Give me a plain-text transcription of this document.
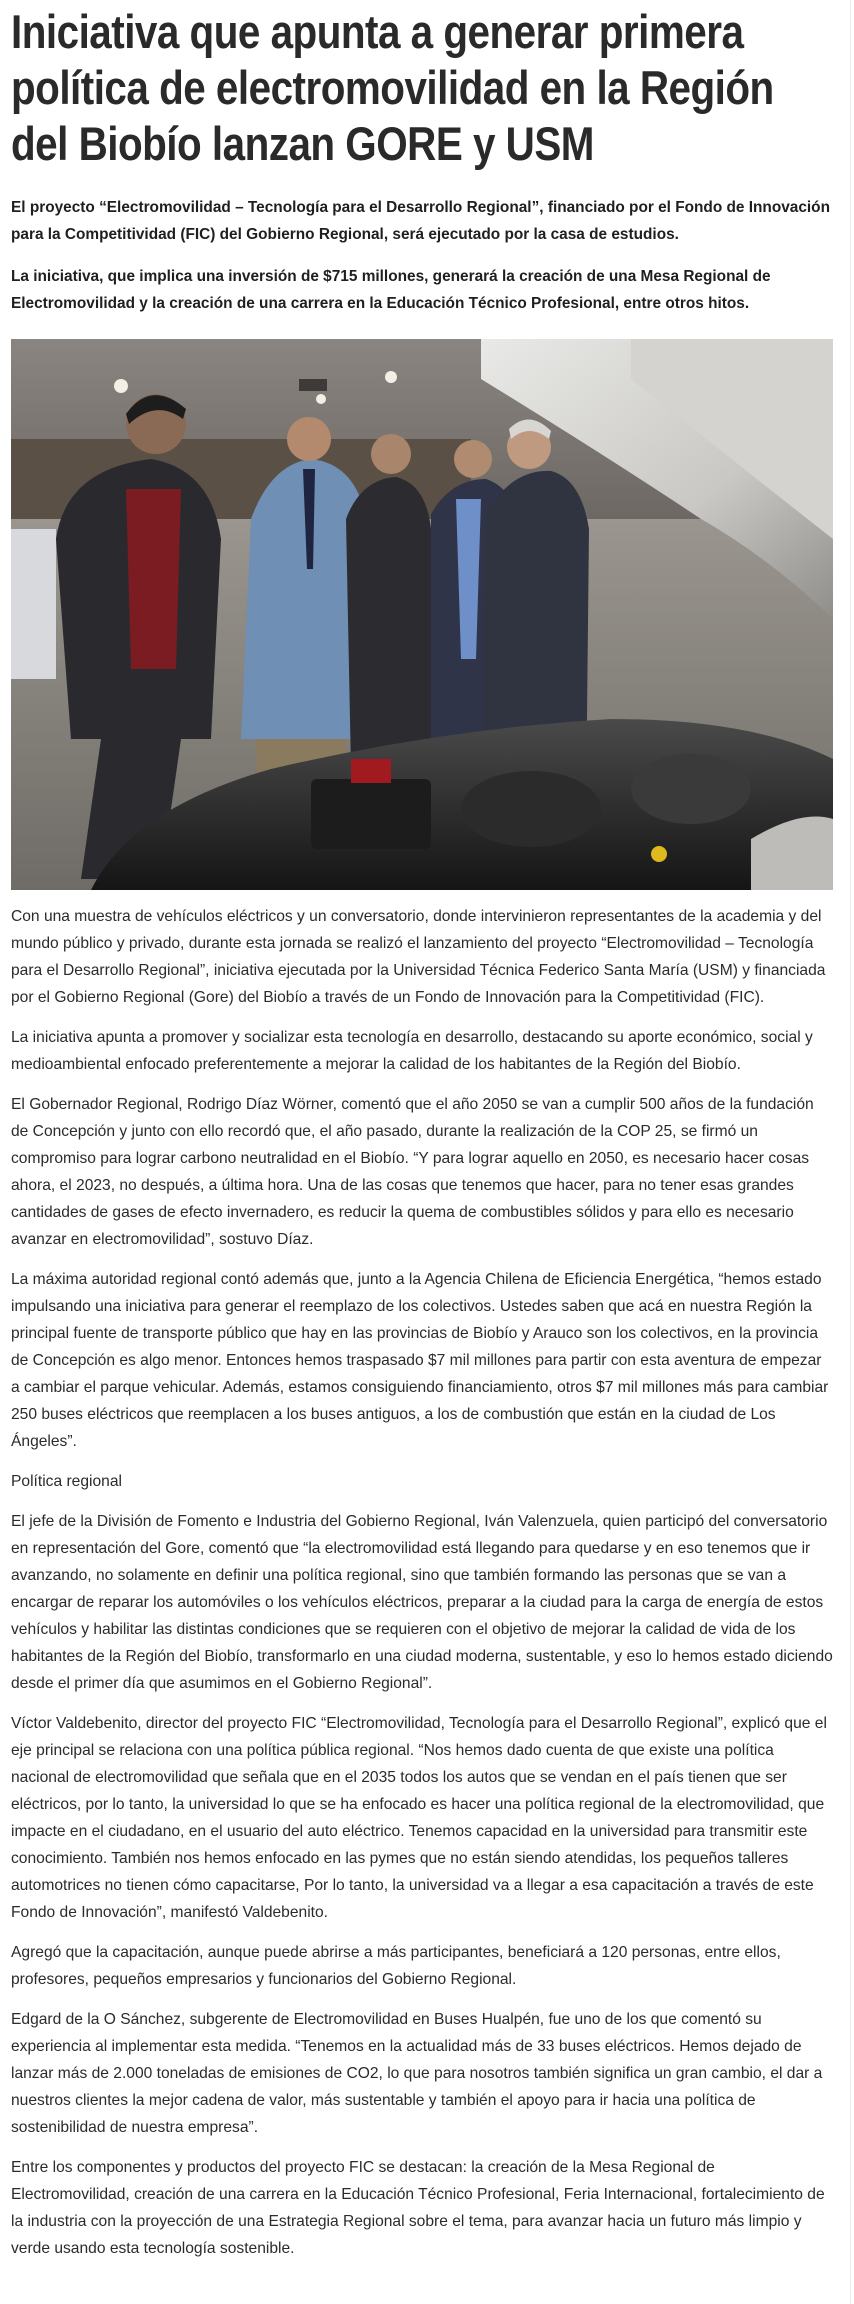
Iniciativa que apunta a generar primera política de electromovilidad en la Región del Biobío lanzan GORE y USM

El proyecto “Electromovilidad – Tecnología para el Desarrollo Regional”, financiado por el Fondo de Innovación para la Competitividad (FIC) del Gobierno Regional, será ejecutado por la casa de estudios.

La iniciativa, que implica una inversión de $715 millones, generará la creación de una Mesa Regional de Electromovilidad y la creación de una carrera en la Educación Técnico Profesional, entre otros hitos.

Con una muestra de vehículos eléctricos y un conversatorio, donde intervinieron representantes de la academia y del mundo público y privado, durante esta jornada se realizó el lanzamiento del proyecto “Electromovilidad – Tecnología para el Desarrollo Regional”, iniciativa ejecutada por la Universidad Técnica Federico Santa María (USM) y financiada por el Gobierno Regional (Gore) del Biobío a través de un Fondo de Innovación para la Competitividad (FIC).

La iniciativa apunta a promover y socializar esta tecnología en desarrollo, destacando su aporte económico, social y medioambiental enfocado preferentemente a mejorar la calidad de los habitantes de la Región del Biobío.

El Gobernador Regional, Rodrigo Díaz Wörner, comentó que el año 2050 se van a cumplir 500 años de la fundación de Concepción y junto con ello recordó que, el año pasado, durante la realización de la COP 25, se firmó un compromiso para lograr carbono neutralidad en el Biobío. “Y para lograr aquello en 2050, es necesario hacer cosas ahora, el 2023, no después, a última hora. Una de las cosas que tenemos que hacer, para no tener esas grandes cantidades de gases de efecto invernadero, es reducir la quema de combustibles sólidos y para ello es necesario avanzar en electromovilidad”, sostuvo Díaz.

La máxima autoridad regional contó además que, junto a la Agencia Chilena de Eficiencia Energética, “hemos estado impulsando una iniciativa para generar el reemplazo de los colectivos. Ustedes saben que acá en nuestra Región la principal fuente de transporte público que hay en las provincias de Biobío y Arauco son los colectivos, en la provincia de Concepción es algo menor. Entonces hemos traspasado $7 mil millones para partir con esta aventura de empezar a cambiar el parque vehicular. Además, estamos consiguiendo financiamiento, otros $7 mil millones más para cambiar 250 buses eléctricos que reemplacen a los buses antiguos, a los de combustión que están en la ciudad de Los Ángeles”.

Política regional

El jefe de la División de Fomento e Industria del Gobierno Regional, Iván Valenzuela, quien participó del conversatorio en representación del Gore, comentó que “la electromovilidad está llegando para quedarse y en eso tenemos que ir avanzando, no solamente en definir una política regional, sino que también formando las personas que se van a encargar de reparar los automóviles o los vehículos eléctricos, preparar a la ciudad para la carga de energía de estos vehículos y habilitar las distintas condiciones que se requieren con el objetivo de mejorar la calidad de vida de los habitantes de la Región del Biobío, transformarlo en una ciudad moderna, sustentable, y eso lo hemos estado diciendo desde el primer día que asumimos en el Gobierno Regional”.

Víctor Valdebenito, director del proyecto FIC “Electromovilidad, Tecnología para el Desarrollo Regional”, explicó que el eje principal se relaciona con una política pública regional. “Nos hemos dado cuenta de que existe una política nacional de electromovilidad que señala que en el 2035 todos los autos que se vendan en el país tienen que ser eléctricos, por lo tanto, la universidad lo que se ha enfocado es hacer una política regional de la electromovilidad, que impacte en el ciudadano, en el usuario del auto eléctrico. Tenemos capacidad en la universidad para transmitir este conocimiento. También nos hemos enfocado en las pymes que no están siendo atendidas, los pequeños talleres automotrices no tienen cómo capacitarse, Por lo tanto, la universidad va a llegar a esa capacitación a través de este Fondo de Innovación”, manifestó Valdebenito.

Agregó que la capacitación, aunque puede abrirse a más participantes, beneficiará a 120 personas, entre ellos, profesores, pequeños empresarios y funcionarios del Gobierno Regional.

Edgard de la O Sánchez, subgerente de Electromovilidad en Buses Hualpén, fue uno de los que comentó su experiencia al implementar esta medida. “Tenemos en la actualidad más de 33 buses eléctricos. Hemos dejado de lanzar más de 2.000 toneladas de emisiones de CO2, lo que para nosotros también significa un gran cambio, el dar a nuestros clientes la mejor cadena de valor, más sustentable y también el apoyo para ir hacia una política de sostenibilidad de nuestra empresa”.

Entre los componentes y productos del proyecto FIC se destacan: la creación de la Mesa Regional de Electromovilidad, creación de una carrera en la Educación Técnico Profesional, Feria Internacional, fortalecimiento de la industria con la proyección de una Estrategia Regional sobre el tema, para avanzar hacia un futuro más limpio y verde usando esta tecnología sostenible.
